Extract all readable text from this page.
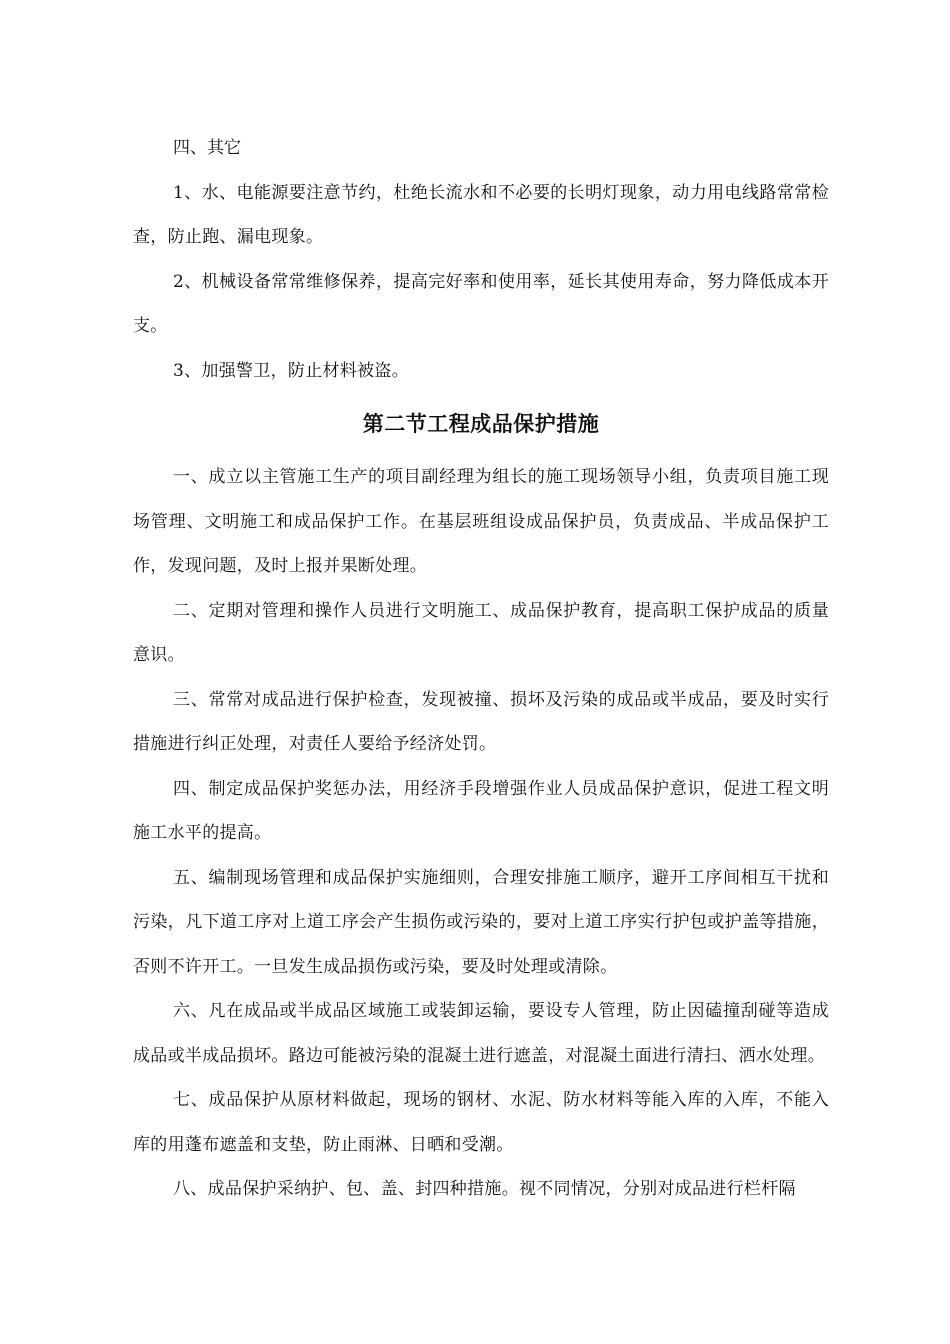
四、其它

1、水、电能源要注意节约，杜绝长流水和不必要的长明灯现象，动力用电线路常常检查，防止跑、漏电现象。

2、机械设备常常维修保养，提高完好率和使用率，延长其使用寿命，努力降低成本开支。

3、加强警卫，防止材料被盗。

第二节工程成品保护措施

一、成立以主管施工生产的项目副经理为组长的施工现场领导小组，负责项目施工现场管理、文明施工和成品保护工作。在基层班组设成品保护员，负责成品、半成品保护工作，发现问题，及时上报并果断处理。

二、定期对管理和操作人员进行文明施工、成品保护教育，提高职工保护成品的质量意识。

三、常常对成品进行保护检查，发现被撞、损坏及污染的成品或半成品，要及时实行措施进行纠正处理，对责任人要给予经济处罚。

四、制定成品保护奖惩办法，用经济手段增强作业人员成品保护意识，促进工程文明施工水平的提高。

五、编制现场管理和成品保护实施细则，合理安排施工顺序，避开工序间相互干扰和污染，凡下道工序对上道工序会产生损伤或污染的，要对上道工序实行护包或护盖等措施，否则不许开工。一旦发生成品损伤或污染，要及时处理或清除。

六、凡在成品或半成品区域施工或装卸运输，要设专人管理，防止因磕撞刮碰等造成成品或半成品损坏。路边可能被污染的混凝土进行遮盖，对混凝土面进行清扫、洒水处理。

七、成品保护从原材料做起，现场的钢材、水泥、防水材料等能入库的入库，不能入库的用蓬布遮盖和支垫，防止雨淋、日晒和受潮。

八、成品保护采纳护、包、盖、封四种措施。视不同情况，分别对成品进行栏杆隔
